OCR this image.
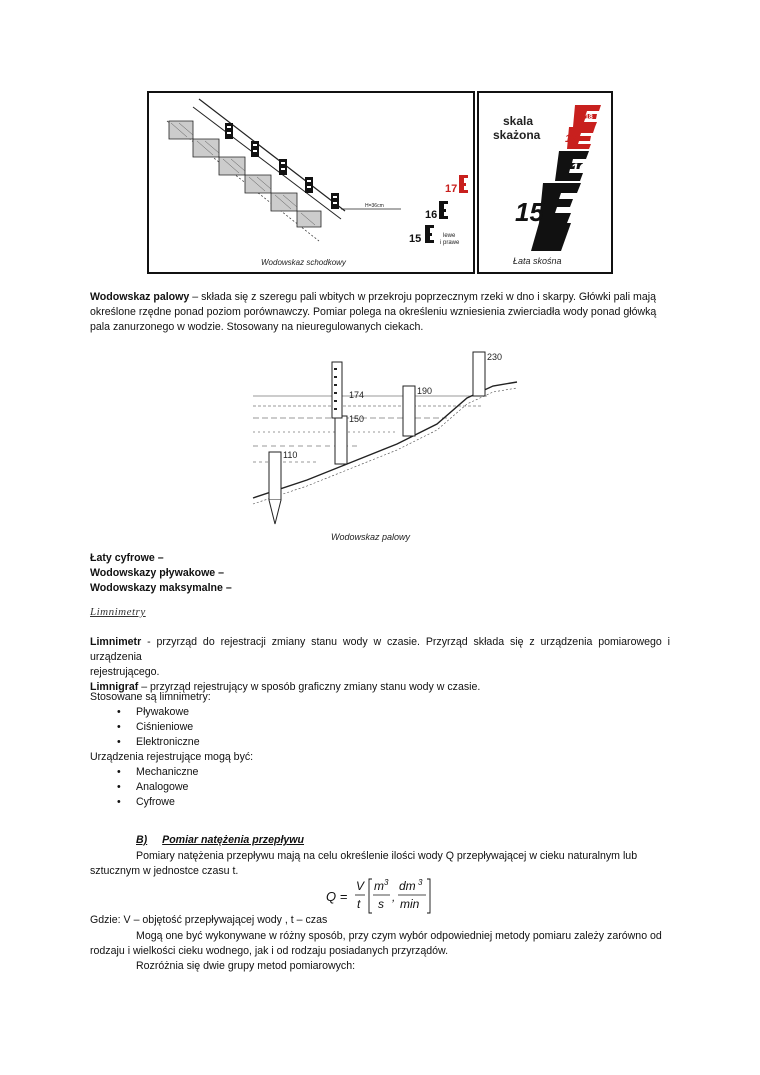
H=36cm
17
16
15	lewe
i prawe
Wodowskaz schodkowy
skala
skażona
18
17
16
15
Łata skośna
Wodowskaz palowy – składa się z szeregu pali wbitych w przekroju poprzecznym rzeki w dno i skarpy. Główki pali mają
określone rzędne ponad poziom porównawczy. Pomiar polega na określeniu wzniesienia zwierciadła wody ponad główką
pala zanurzonego w wodzie. Stosowany na nieuregulowanych ciekach.
230
190
174
150
110
Wodowskaz palowy
Łaty cyfrowe –
Wodowskazy pływakowe –
Wodowskazy maksymalne –
Limnimetry
Limnimetr - przyrząd do rejestracji zmiany stanu wody w czasie. Przyrząd składa się z urządzenia pomiarowego i urządzenia
rejestrującego.
Limnigraf – przyrząd rejestrujący w sposób graficzny zmiany stanu wody w czasie.
Stosowane są limnimetry:
• Pływakowe
• Ciśnieniowe
• Elektroniczne
Urządzenia rejestrujące mogą być:
• Mechaniczne
• Analogowe
• Cyfrowe
B) Pomiar natężenia przepływu
Pomiary natężenia przepływu mają na celu określenie ilości wody Q przepływającej w cieku naturalnym lub
sztucznym w jednostce czasu t.
Q =
V
t
m 3
s ,
dm 3
min
Gdzie: V – objętość przepływającej wody , t – czas
Mogą one być wykonywane w różny sposób, przy czym wybór odpowiedniej metody pomiaru zależy zarówno od
rodzaju i wielkości cieku wodnego, jak i od rodzaju posiadanych przyrządów.
Rozróżnia się dwie grupy metod pomiarowych:
